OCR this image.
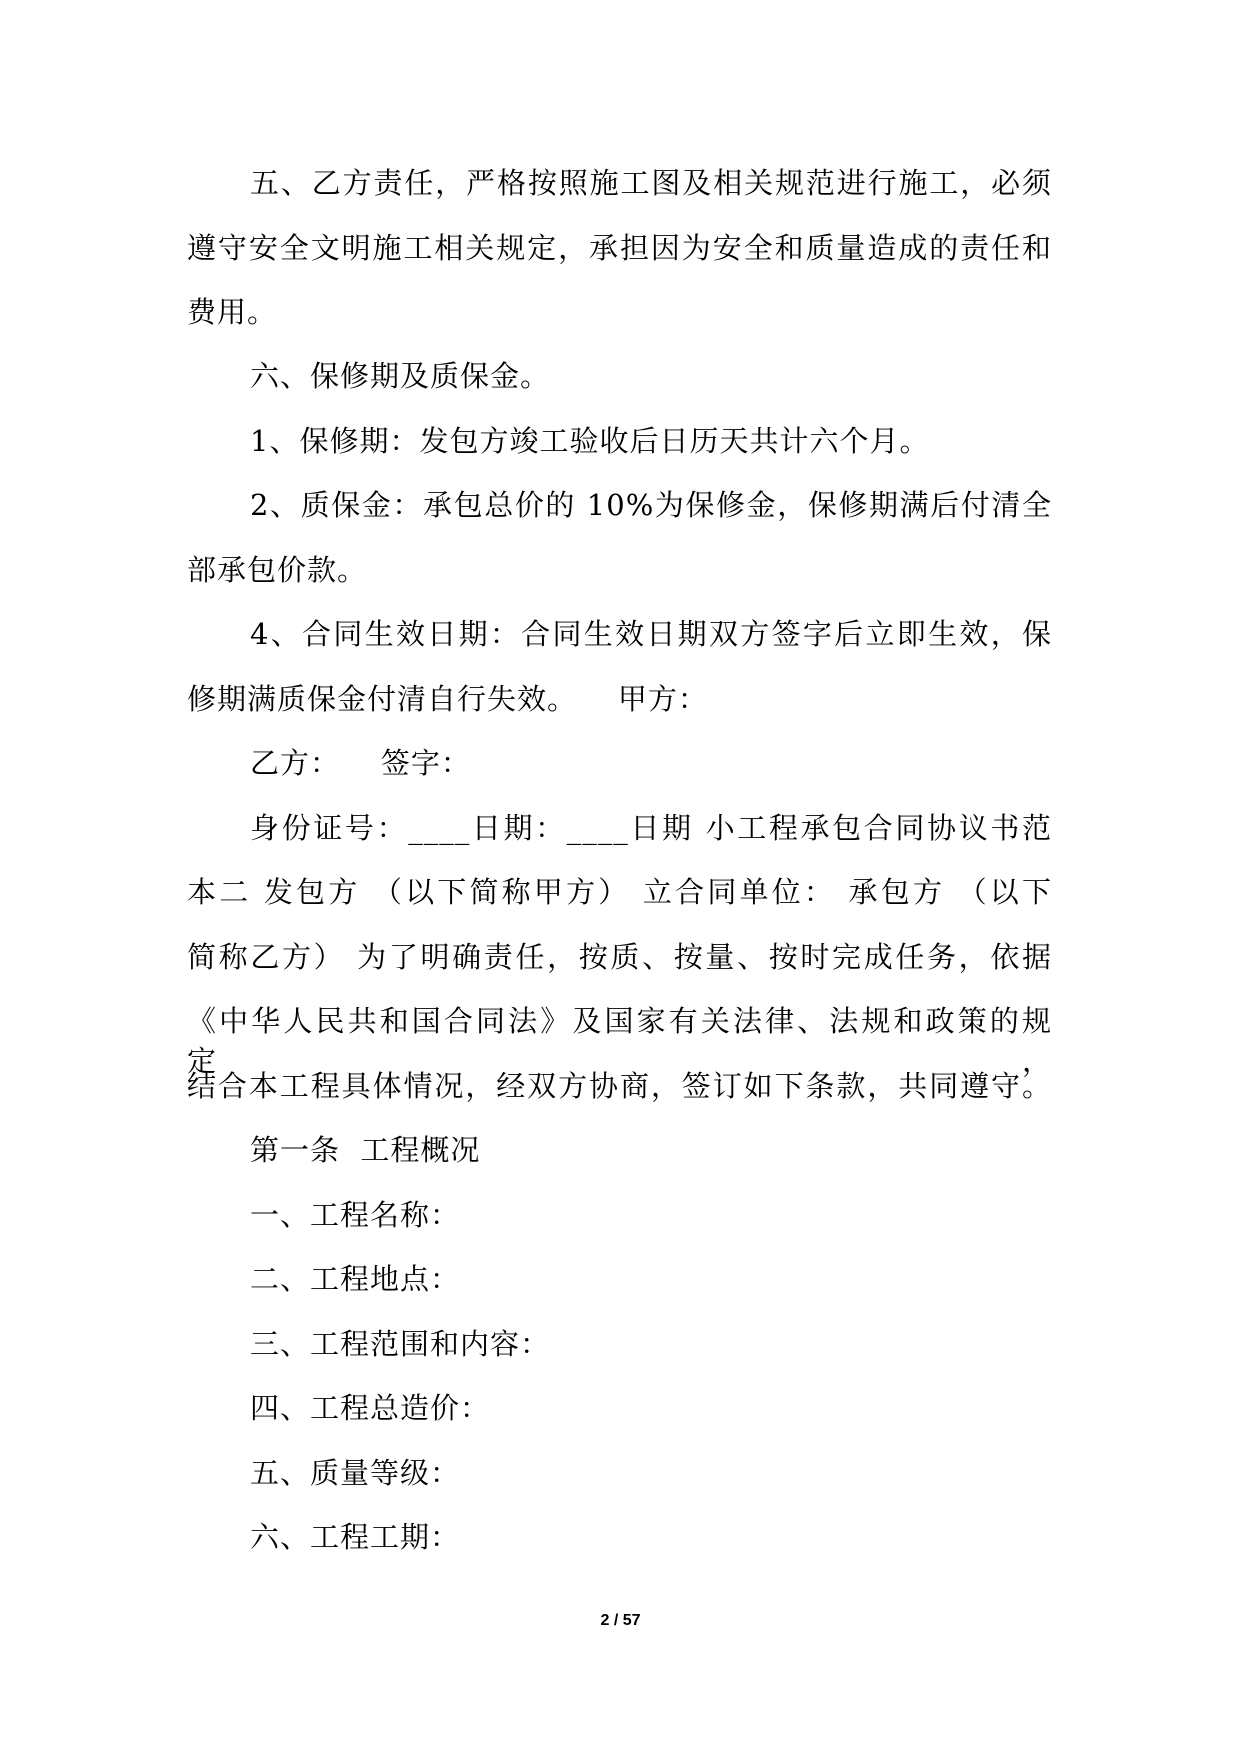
五、乙方责任，严格按照施工图及相关规范进行施工，必须

遵守安全文明施工相关规定，承担因为安全和质量造成的责任和

费用。

六、保修期及质保金。

1、保修期：发包方竣工验收后日历天共计六个月。

2、质保金：承包总价的 10%为保修金，保修期满后付清全

部承包价款。

4、合同生效日期：合同生效日期双方签字后立即生效，保

修期满质保金付清自行失效。    甲方：

乙方：    签字：

身份证号：____日期：____日期 小工程承包合同协议书范

本二 发包方 （以下简称甲方） 立合同单位： 承包方 （以下

简称乙方） 为了明确责任，按质、按量、按时完成任务，依据

《中华人民共和国合同法》及国家有关法律、法规和政策的规定，

结合本工程具体情况，经双方协商，签订如下条款，共同遵守。

第一条  工程概况

一、工程名称：

二、工程地点：

三、工程范围和内容：

四、工程总造价：

五、质量等级：

六、工程工期：

2 / 57
